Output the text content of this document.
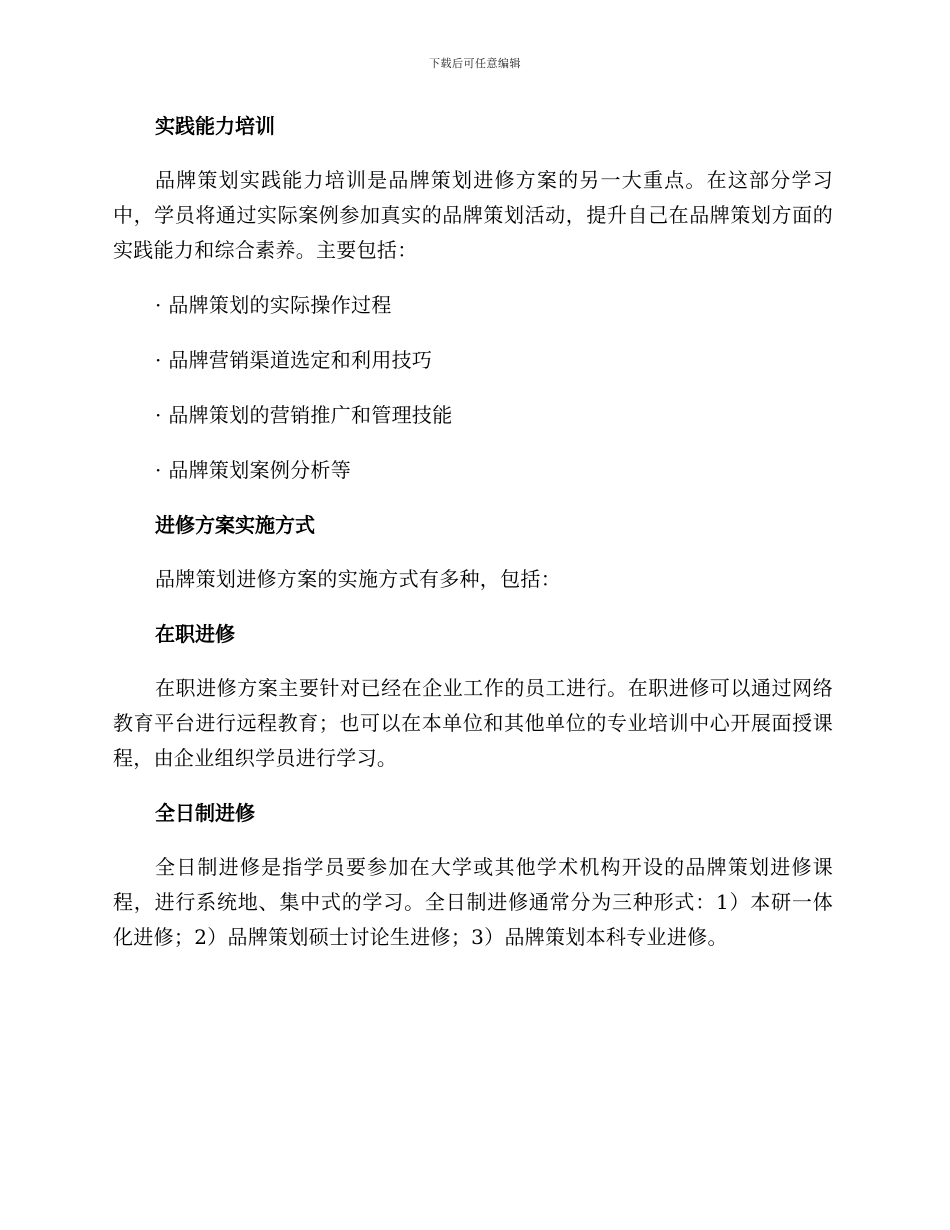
下载后可任意编辑
实践能力培训

品牌策划实践能力培训是品牌策划进修方案的另一大重点。在这部分学习中，学员将通过实际案例参加真实的品牌策划活动，提升自己在品牌策划方面的实践能力和综合素养。主要包括：

· 品牌策划的实际操作过程
· 品牌营销渠道选定和利用技巧
· 品牌策划的营销推广和管理技能
· 品牌策划案例分析等
进修方案实施方式

品牌策划进修方案的实施方式有多种，包括：

在职进修

在职进修方案主要针对已经在企业工作的员工进行。在职进修可以通过网络教育平台进行远程教育；也可以在本单位和其他单位的专业培训中心开展面授课程，由企业组织学员进行学习。

全日制进修

全日制进修是指学员要参加在大学或其他学术机构开设的品牌策划进修课程，进行系统地、集中式的学习。全日制进修通常分为三种形式：1）本研一体化进修；2）品牌策划硕士讨论生进修；3）品牌策划本科专业进修。
